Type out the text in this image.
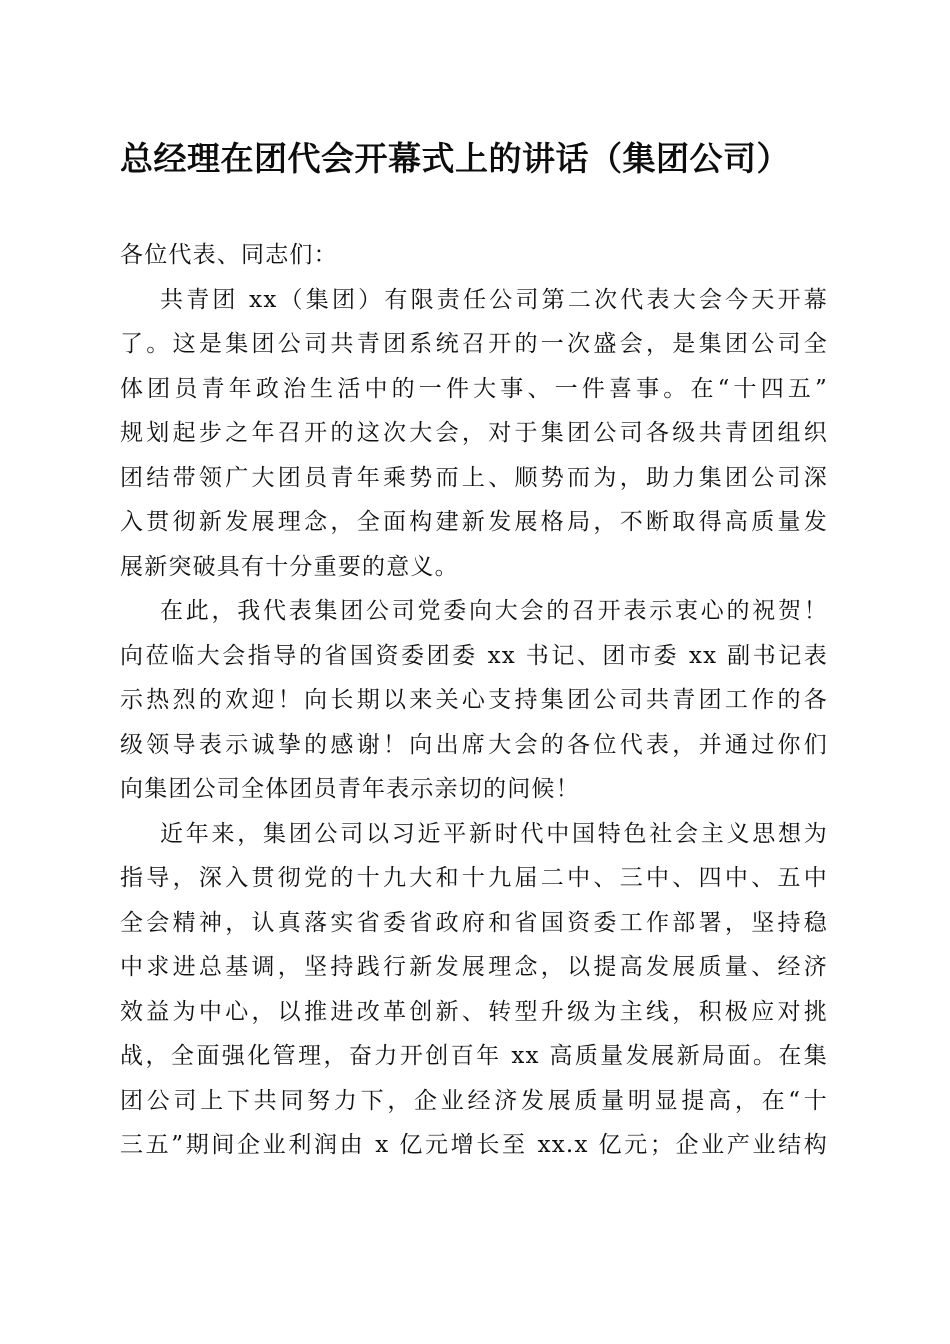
总经理在团代会开幕式上的讲话（集团公司）
各位代表、同志们：
共青团 xx（集团）有限责任公司第二次代表大会今天开幕
了。这是集团公司共青团系统召开的一次盛会，是集团公司全
体团员青年政治生活中的一件大事、一件喜事。在“十四五”
规划起步之年召开的这次大会，对于集团公司各级共青团组织
团结带领广大团员青年乘势而上、顺势而为，助力集团公司深
入贯彻新发展理念，全面构建新发展格局，不断取得高质量发
展新突破具有十分重要的意义。
在此，我代表集团公司党委向大会的召开表示衷心的祝贺！
向莅临大会指导的省国资委团委 xx 书记、团市委 xx 副书记表
示热烈的欢迎！向长期以来关心支持集团公司共青团工作的各
级领导表示诚挚的感谢！向出席大会的各位代表，并通过你们
向集团公司全体团员青年表示亲切的问候！
近年来，集团公司以习近平新时代中国特色社会主义思想为
指导，深入贯彻党的十九大和十九届二中、三中、四中、五中
全会精神，认真落实省委省政府和省国资委工作部署，坚持稳
中求进总基调，坚持践行新发展理念，以提高发展质量、经济
效益为中心，以推进改革创新、转型升级为主线，积极应对挑
战，全面强化管理，奋力开创百年 xx 高质量发展新局面。在集
团公司上下共同努力下，企业经济发展质量明显提高，在“十
三五”期间企业利润由 x 亿元增长至 xx.x 亿元；企业产业结构
